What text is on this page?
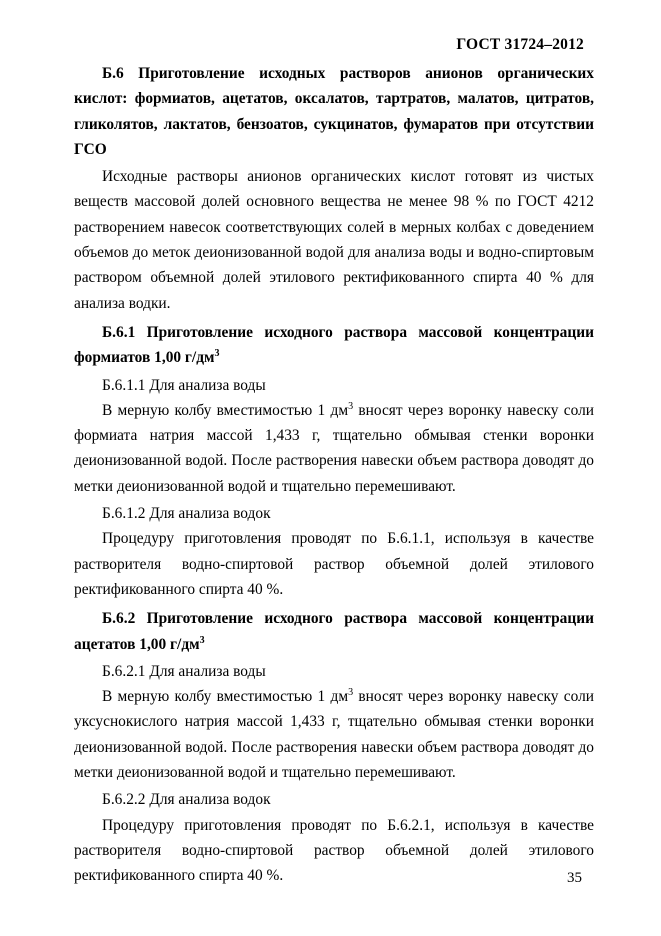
ГОСТ 31724–2012

Б.6 Приготовление исходных растворов анионов органических кислот: формиатов, ацетатов, оксалатов, тартратов, малатов, цитратов, гликолятов, лактатов, бензоатов, сукцинатов, фумаратов при отсутствии ГСО

Исходные растворы анионов органических кислот готовят из чистых веществ массовой долей основного вещества не менее 98 % по ГОСТ 4212 растворением навесок соответствующих солей в мерных колбах с доведением объемов до меток деионизованной водой для анализа воды и водно-спиртовым раствором объемной долей этилового ректификованного спирта 40 % для анализа водки.

Б.6.1 Приготовление исходного раствора массовой концентрации формиатов 1,00 $г/дм^3$

Б.6.1.1 Для анализа воды

В мерную колбу вместимостью 1 $дм^3$ вносят через воронку навеску соли формиата натрия массой 1,433 г, тщательно обмывая стенки воронки деионизованной водой. После растворения навески объем раствора доводят до метки деионизованной водой и тщательно перемешивают.

Б.6.1.2 Для анализа водок

Процедуру приготовления проводят по Б.6.1.1, используя в качестве растворителя водно-спиртовой раствор объемной долей этилового ректификованного спирта 40 %.

Б.6.2 Приготовление исходного раствора массовой концентрации ацетатов 1,00 $г/дм^3$

Б.6.2.1 Для анализа воды

В мерную колбу вместимостью 1 $дм^3$ вносят через воронку навеску соли уксуснокислого натрия массой 1,433 г, тщательно обмывая стенки воронки деионизованной водой. После растворения навески объем раствора доводят до метки деионизованной водой и тщательно перемешивают.

Б.6.2.2 Для анализа водок

Процедуру приготовления проводят по Б.6.2.1, используя в качестве растворителя водно-спиртовой раствор объемной долей этилового ректификованного спирта 40 %.	35
